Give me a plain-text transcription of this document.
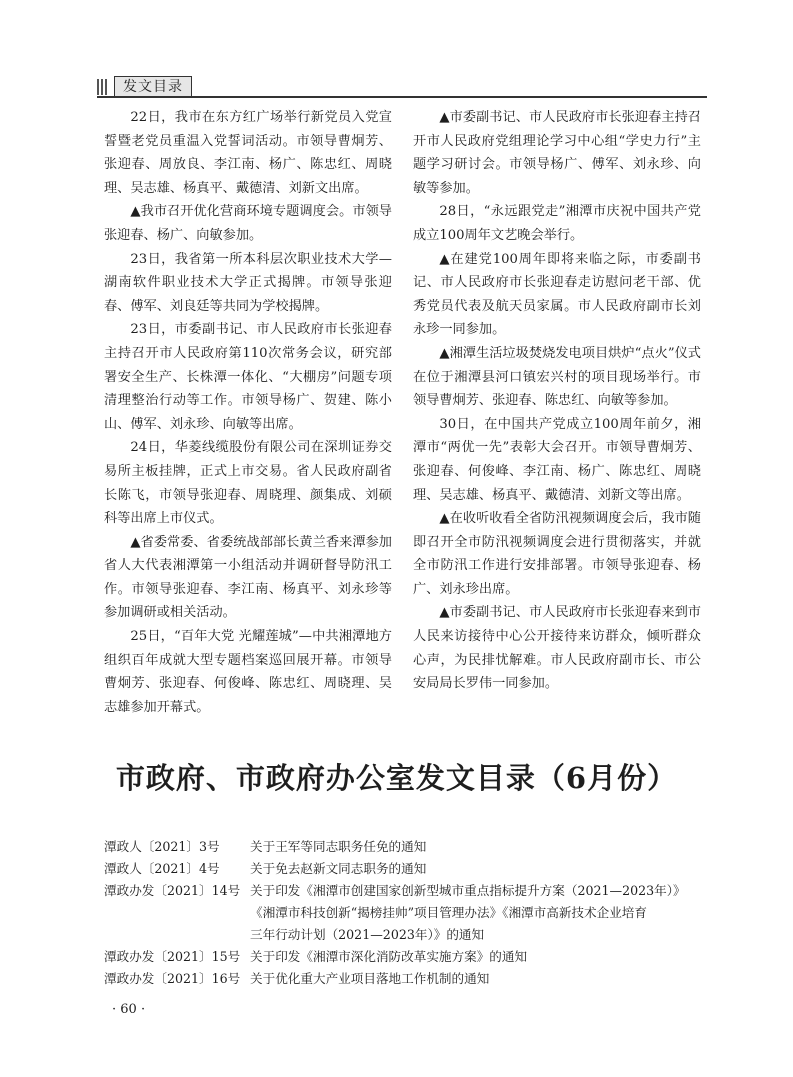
发文目录

22日，我市在东方红广场举行新党员入党宣誓暨老党员重温入党誓词活动。市领导曹炯芳、张迎春、周放良、李江南、杨广、陈忠红、周晓理、吴志雄、杨真平、戴德清、刘新文出席。

▲我市召开优化营商环境专题调度会。市领导张迎春、杨广、向敏参加。

23日，我省第一所本科层次职业技术大学—湖南软件职业技术大学正式揭牌。市领导张迎春、傅军、刘良廷等共同为学校揭牌。

23日，市委副书记、市人民政府市长张迎春主持召开市人民政府第110次常务会议，研究部署安全生产、长株潭一体化、“大棚房”问题专项清理整治行动等工作。市领导杨广、贺建、陈小山、傅军、刘永珍、向敏等出席。

24日，华菱线缆股份有限公司在深圳证券交易所主板挂牌，正式上市交易。省人民政府副省长陈飞，市领导张迎春、周晓理、颜集成、刘硕科等出席上市仪式。

▲省委常委、省委统战部部长黄兰香来潭参加省人大代表湘潭第一小组活动并调研督导防汛工作。市领导张迎春、李江南、杨真平、刘永珍等参加调研或相关活动。

25日，“百年大党 光耀莲城”—中共湘潭地方组织百年成就大型专题档案巡回展开幕。市领导曹炯芳、张迎春、何俊峰、陈忠红、周晓理、吴志雄参加开幕式。

▲市委副书记、市人民政府市长张迎春主持召开市人民政府党组理论学习中心组“学史力行”主题学习研讨会。市领导杨广、傅军、刘永珍、向敏等参加。

28日，“永远跟党走”湘潭市庆祝中国共产党成立100周年文艺晚会举行。

▲在建党100周年即将来临之际，市委副书记、市人民政府市长张迎春走访慰问老干部、优秀党员代表及航天员家属。市人民政府副市长刘永珍一同参加。

▲湘潭生活垃圾焚烧发电项目烘炉“点火”仪式在位于湘潭县河口镇宏兴村的项目现场举行。市领导曹炯芳、张迎春、陈忠红、向敏等参加。

30日，在中国共产党成立100周年前夕，湘潭市“两优一先”表彰大会召开。市领导曹炯芳、张迎春、何俊峰、李江南、杨广、陈忠红、周晓理、吴志雄、杨真平、戴德清、刘新文等出席。

▲在收听收看全省防汛视频调度会后，我市随即召开全市防汛视频调度会进行贯彻落实，并就全市防汛工作进行安排部署。市领导张迎春、杨广、刘永珍出席。

▲市委副书记、市人民政府市长张迎春来到市人民来访接待中心公开接待来访群众，倾听群众心声，为民排忧解难。市人民政府副市长、市公安局局长罗伟一同参加。

市政府、市政府办公室发文目录（6月份）
潭政人〔2021〕3号	关于王军等同志职务任免的通知
潭政人〔2021〕4号	关于免去赵新文同志职务的通知
潭政办发〔2021〕14号 关于印发《湘潭市创建国家创新型城市重点指标提升方案（2021—2023年）》
《湘潭市科技创新“揭榜挂帅”项目管理办法》《湘潭市高新技术企业培育
三年行动计划（2021—2023年）》的通知
潭政办发〔2021〕15号 关于印发《湘潭市深化消防改革实施方案》的通知
潭政办发〔2021〕16号 关于优化重大产业项目落地工作机制的通知
· 60 ·
